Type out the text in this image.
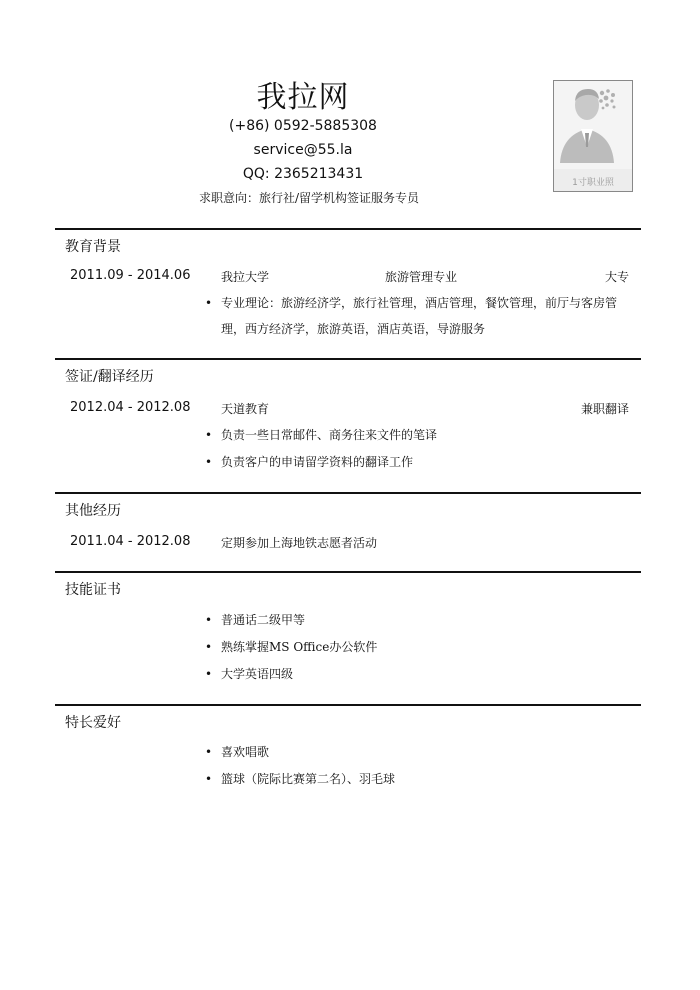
我拉网
(+86) 0592-5885308
service@55.la
QQ: 2365213431
求职意向：旅行社/留学机构签证服务专员
1寸职业照
教育背景
2011.09 - 2014.06	我拉大学	旅游管理专业	大专
• 专业理论：旅游经济学，旅行社管理，酒店管理，餐饮管理，前厅与客房管理，西方经济学，旅游英语，酒店英语，导游服务
签证/翻译经历
2012.04 - 2012.08	天道教育	兼职翻译
• 负责一些日常邮件、商务往来文件的笔译
• 负责客户的申请留学资料的翻译工作
其他经历
2011.04 - 2012.08	定期参加上海地铁志愿者活动
技能证书
• 普通话二级甲等
• 熟练掌握MS Office办公软件
• 大学英语四级
特长爱好
• 喜欢唱歌
• 篮球（院际比赛第二名）、羽毛球
